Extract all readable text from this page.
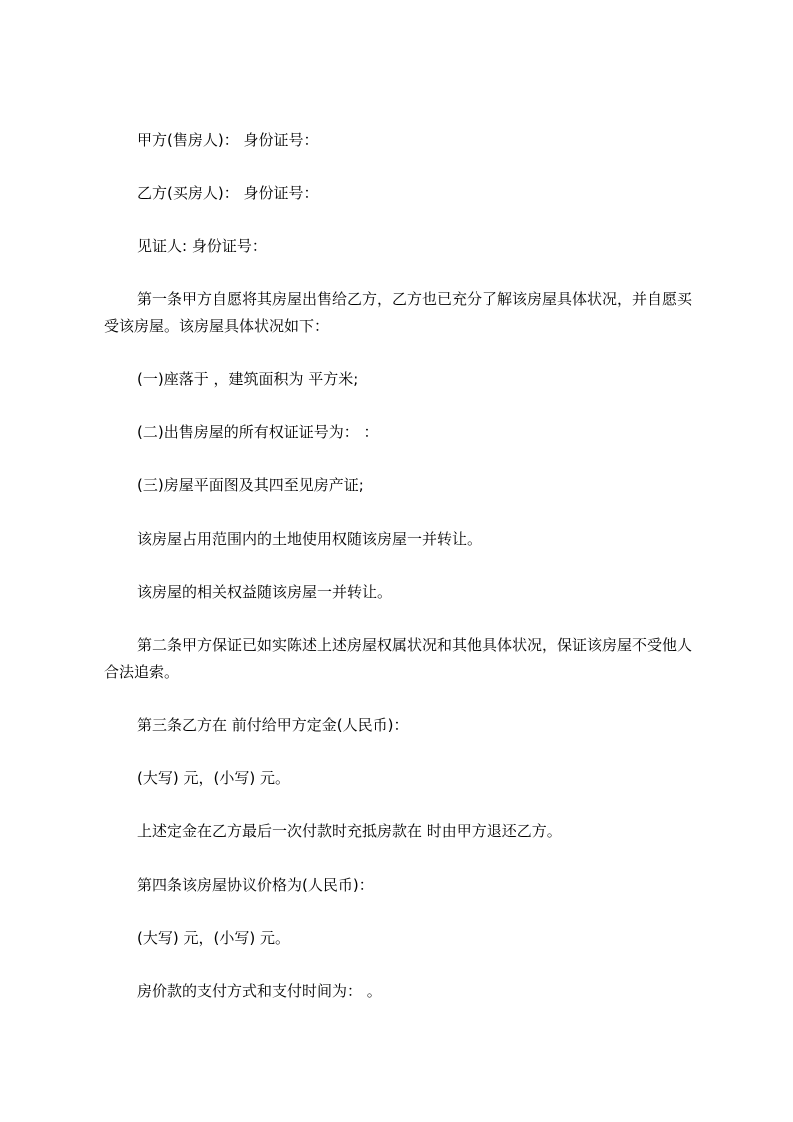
甲方(售房人)： 身份证号：

乙方(买房人)： 身份证号：

见证人: 身份证号：

第一条甲方自愿将其房屋出售给乙方，乙方也已充分了解该房屋具体状况，并自愿买受该房屋。该房屋具体状况如下：

(一)座落于 ，建筑面积为 平方米;

(二)出售房屋的所有权证证号为： ：

(三)房屋平面图及其四至见房产证;

该房屋占用范围内的土地使用权随该房屋一并转让。

该房屋的相关权益随该房屋一并转让。

第二条甲方保证已如实陈述上述房屋权属状况和其他具体状况，保证该房屋不受他人合法追索。

第三条乙方在 前付给甲方定金(人民币)：

(大写) 元，(小写) 元。

上述定金在乙方最后一次付款时充抵房款在 时由甲方退还乙方。

第四条该房屋协议价格为(人民币)：

(大写) 元，(小写) 元。

房价款的支付方式和支付时间为： 。
